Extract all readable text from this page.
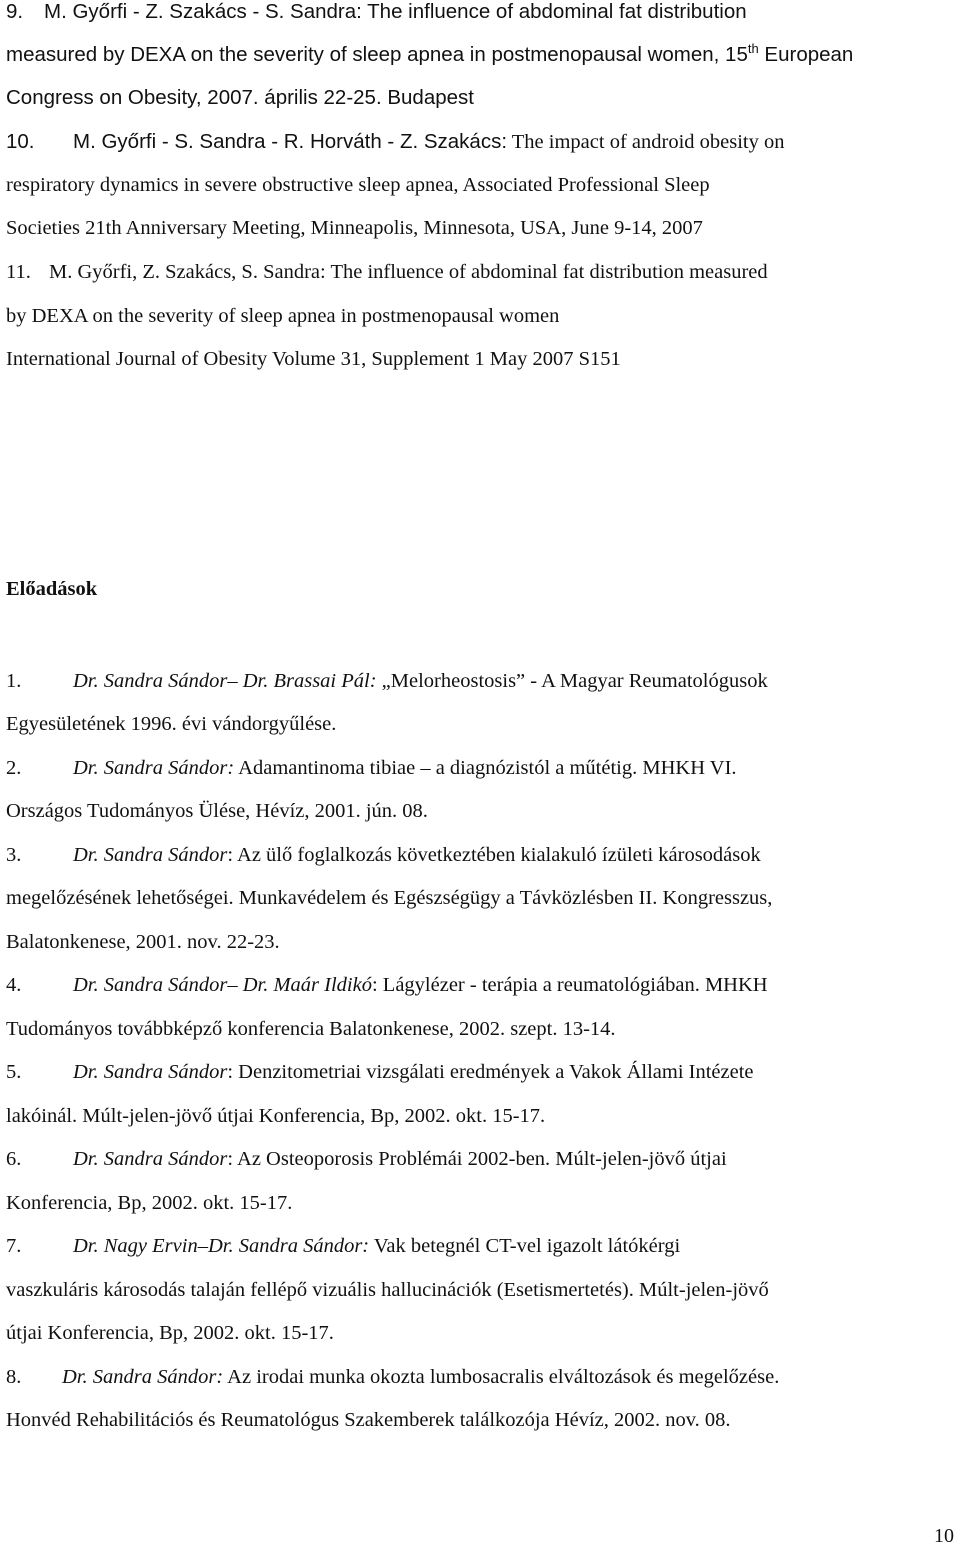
9. M. Győrfi - Z. Szakács - S. Sandra: The influence of abdominal fat distribution
measured by DEXA on the severity of sleep apnea in postmenopausal women, 15th European
Congress on Obesity, 2007. április 22-25. Budapest
10. M. Győrfi - S. Sandra - R. Horváth - Z. Szakács: The impact of android obesity on
respiratory dynamics in severe obstructive sleep apnea, Associated Professional Sleep
Societies 21th Anniversary Meeting, Minneapolis, Minnesota, USA, June 9-14, 2007
11. M. Győrfi, Z. Szakács, S. Sandra: The influence of abdominal fat distribution measured
by DEXA on the severity of sleep apnea in postmenopausal women
International Journal of Obesity Volume 31, Supplement 1 May 2007 S151
Előadások
1.	Dr. Sandra Sándor– Dr. Brassai Pál: „Melorheostosis” - A Magyar Reumatológusok
Egyesületének 1996. évi vándorgyűlése.
2.	Dr. Sandra Sándor: Adamantinoma tibiae – a diagnózistól a műtétig. MHKH VI.
Országos Tudományos Ülése, Hévíz, 2001. jún. 08.
3.	Dr. Sandra Sándor: Az ülő foglalkozás következtében kialakuló ízületi károsodások
megelőzésének lehetőségei. Munkavédelem és Egészségügy a Távközlésben II. Kongresszus,
Balatonkenese, 2001. nov. 22-23.
4.	Dr. Sandra Sándor– Dr. Maár Ildikó: Lágylézer - terápia a reumatológiában. MHKH
Tudományos továbbképző konferencia Balatonkenese, 2002. szept. 13-14.
5.	Dr. Sandra Sándor: Denzitometriai vizsgálati eredmények a Vakok Állami Intézete
lakóinál. Múlt-jelen-jövő útjai Konferencia, Bp, 2002. okt. 15-17.
6.	Dr. Sandra Sándor: Az Osteoporosis Problémái 2002-ben. Múlt-jelen-jövő útjai
Konferencia, Bp, 2002. okt. 15-17.
7.	Dr. Nagy Ervin–Dr. Sandra Sándor: Vak betegnél CT-vel igazolt látókérgi
vaszkuláris károsodás talaján fellépő vizuális hallucinációk (Esetismertetés). Múlt-jelen-jövő
útjai Konferencia, Bp, 2002. okt. 15-17.
8. Dr. Sandra Sándor: Az irodai munka okozta lumbosacralis elváltozások és megelőzése.
Honvéd Rehabilitációs és Reumatológus Szakemberek találkozója Hévíz, 2002. nov. 08.
10
